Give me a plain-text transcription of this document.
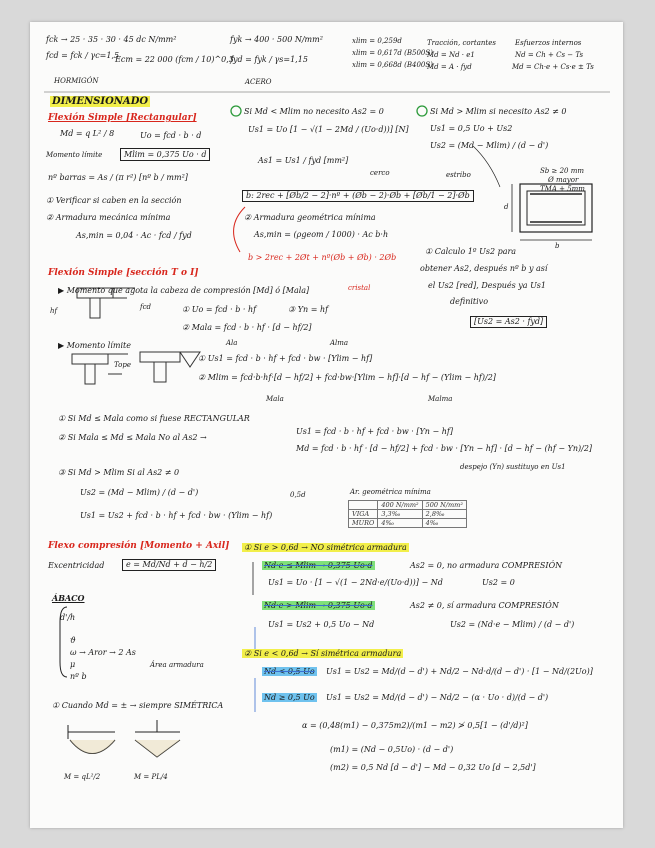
fck → 25 · 35 · 30 · 45 dc N/mm²
fcd = fck / γc=1,5
Ecm = 22 000 (fcm / 10)^0,3
HORMIGÓN
fyk → 400 · 500 N/mm²
fyd = fyk / γs=1,15
ACERO
xlim = 0,259d
xlim = 0,617d (B500S)
xlim = 0,668d (B400S)
Tracción, cortantes
Md = Nd · e1
Md = A · fyd
Esfuerzos internos
Nd = Ch + Cs − Ts
Md = Ch·e + Cs·e ± Ts
DIMENSIONADO
Flexión Simple [Rectangular]
Md = q L² / 8	Uo = fcd · b · d
Momento límite	Mlim = 0,375 Uo · d
nº barras = As / (π r²) [nº b / mm²]
① Verificar si caben en la sección
② Armadura mecánica mínima
As,min = 0,04 · Ac · fcd / fyd
Si Md < Mlim no necesito As2 = 0
Us1 = Uo [1 − √(1 − 2Md / (Uo·d))] [N]
As1 = Us1 / fyd [mm²]
cerco	estribo
b: 2rec + [Øb/2 − 2]·nº + (Øb − 2)·Øb + [Øb/1 − 2]·Øb
② Armadura geométrica mínima
As,min = (ρgeom / 1000) · Ac b·h
b > 2rec + 2Øt + nº(Øb + Øb) · 2Øb
Si Md > Mlim si necesito As2 ≠ 0
Us1 = 0,5 Uo + Us2
Us2 = (Md − Mlim) / (d − d')
Sb ≥ 20 mm
Ø mayor
TMA + 5mm
d
b
① Calculo 1º Us2 para
obtener As2, después nº b y así
el Us2 [red], Después ya Us1
definitivo
[Us2 = As2 · fyd]
Flexión Simple [sección T o I]
▶ Momento que agota la cabeza de compresión [Md] ó [Mala]	cristal
hf	fcd	① Uo = fcd · b · hf	③ Yn = hf
② Mala = fcd · b · hf · [d − hf/2]
▶ Momento límite	Ala	Alma
Tope
① Us1 = fcd · b · hf + fcd · bw · [Ylim − hf]
② Mlim = fcd·b·hf·[d − hf/2] + fcd·bw·[Ylim − hf]·[d − hf − (Ylim − hf)/2]
Mala	Malma
① Si Md ≤ Mala como si fuese RECTANGULAR
② Si Mala ≤ Md ≤ Mala No al As2 →
Us1 = fcd · b · hf + fcd · bw · [Yn − hf]
Md = fcd · b · hf · [d − hf/2] + fcd · bw · [Yn − hf] · [d − hf − (hf − Yn)/2]
despejo (Yn) sustituyo en Us1
③ Si Md > Mlim Si al As2 ≠ 0
Us2 = (Md − Mlim) / (d − d')
Us1 = Us2 + fcd · b · hf + fcd · bw · (Ylim − hf)
0,5d	Ar. geométrica mínima
	400 N/mm²	500 N/mm²
VIGA	3,3‰	2,8‰
MURO	4‰	4‰
Flexo compresión [Momento + Axil]
Excentricidad	e = Md/Nd + d − h/2
ÁBACO
d'/h
ϑ
ω → Aror → 2 As
μ
nº b
Área armadura
① Cuando Md = ± → siempre SIMÉTRICA
M = qL²/2	M = PL/4
① Si e > 0,6d → NO simétrica armadura
Nd·e ≤ Mlim → 0,375 Uo·d	As2 = 0, no armadura COMPRESIÓN
Us1 = Uo · [1 − √(1 − 2Nd·e/(Uo·d))] − Nd	Us2 = 0
Nd·e > Mlim → 0,375 Uo·d	As2 ≠ 0, sí armadura COMPRESIÓN
Us1 = Us2 + 0,5 Uo − Nd	Us2 = (Nd·e − Mlim) / (d − d')
② Si e < 0,6d → Sí simétrica armadura
Nd < 0,5 Uo Us1 = Us2 = Md/(d − d') + Nd/2 − Nd·d/(d − d') · [1 − Nd/(2Uo)]
Nd ≥ 0,5 Uo Us1 = Us2 = Md/(d − d') − Nd/2 − (α · Uo · d)/(d − d')
α = (0,48(m1) − 0,375m2)/(m1 − m2) ≯ 0,5[1 − (d'/d)²]
(m1) = (Nd − 0,5Uo) · (d − d')
(m2) = 0,5 Nd [d − d'] − Md − 0,32 Uo [d − 2,5d']
